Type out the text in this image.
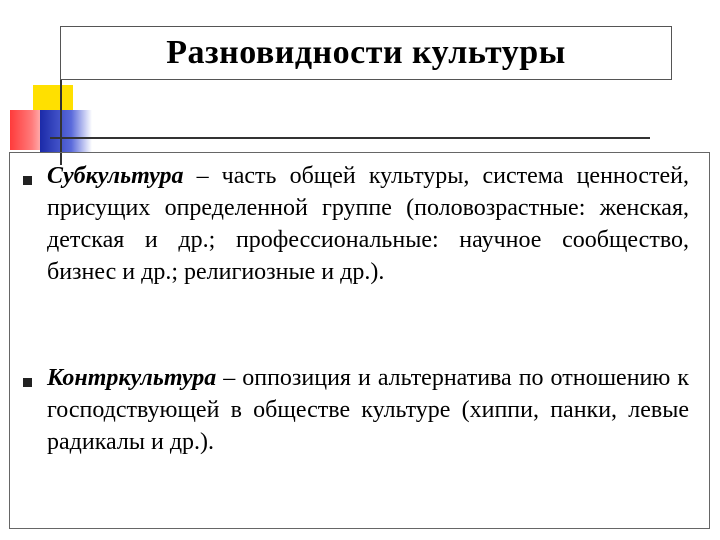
Разновидности культуры
Субкультура – часть общей культуры, система ценностей, присущих определенной группе (половозрастные: женская, детская и др.; профессиональные: научное сообщество, бизнес и др.; религиозные и др.).
Контркультура – оппозиция и альтернатива по отношению к господствующей в обществе культуре (хиппи, панки, левые радикалы и др.).
